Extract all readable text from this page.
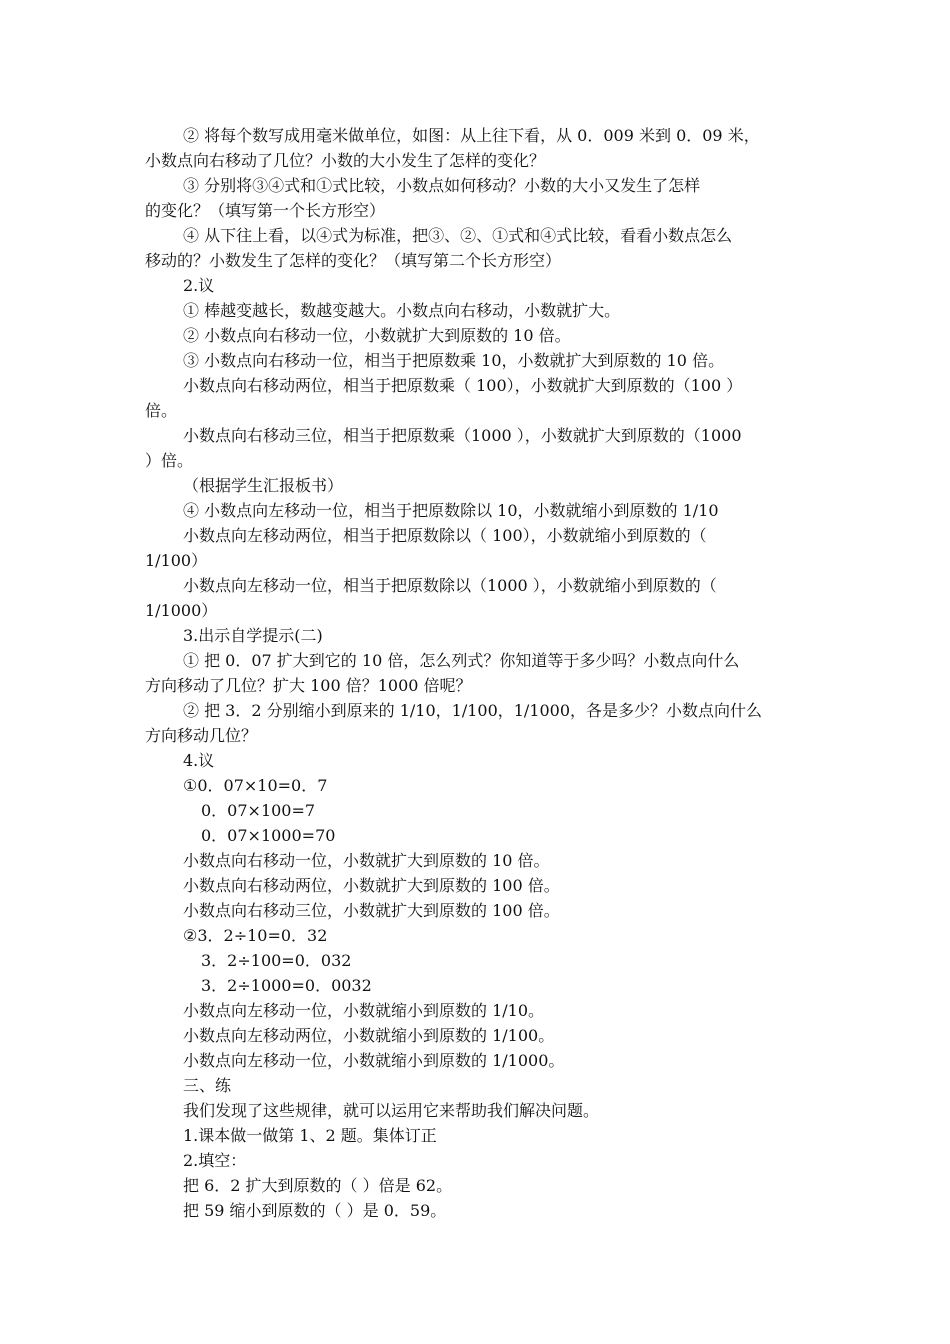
② 将每个数写成用毫米做单位，如图：从上往下看，从 0．009 米到 0．09 米，
小数点向右移动了几位？小数的大小发生了怎样的变化？
③ 分别将③④式和①式比较，小数点如何移动？小数的大小又发生了怎样
的变化？（填写第一个长方形空）
④ 从下往上看，以④式为标准，把③、②、①式和④式比较，看看小数点怎么
移动的？小数发生了怎样的变化？（填写第二个长方形空）
2.议
① 棒越变越长，数越变越大。小数点向右移动，小数就扩大。
② 小数点向右移动一位，小数就扩大到原数的 10 倍。
③ 小数点向右移动一位，相当于把原数乘 10，小数就扩大到原数的 10 倍。
小数点向右移动两位，相当于把原数乘（ 100），小数就扩大到原数的（100 ）
倍。
小数点向右移动三位，相当于把原数乘（1000 ），小数就扩大到原数的（1000
）倍。
（根据学生汇报板书）
④ 小数点向左移动一位，相当于把原数除以 10，小数就缩小到原数的 1/10
小数点向左移动两位，相当于把原数除以（ 100），小数就缩小到原数的（
1/100）
小数点向左移动一位，相当于把原数除以（1000 ），小数就缩小到原数的（
1/1000）
3.出示自学提示(二)
① 把 0．07 扩大到它的 10 倍，怎么列式？你知道等于多少吗？小数点向什么
方向移动了几位？扩大 100 倍？1000 倍呢？
② 把 3．2 分别缩小到原来的 1/10，1/100，1/1000，各是多少？小数点向什么
方向移动几位？
4.议
①0．07×10=0．7
0．07×100=7
0．07×1000=70
小数点向右移动一位，小数就扩大到原数的 10 倍。
小数点向右移动两位，小数就扩大到原数的 100 倍。
小数点向右移动三位，小数就扩大到原数的 100 倍。
②3．2÷10=0．32
3．2÷100=0．032
3．2÷1000=0．0032
小数点向左移动一位，小数就缩小到原数的 1/10。
小数点向左移动两位，小数就缩小到原数的 1/100。
小数点向左移动一位，小数就缩小到原数的 1/1000。
三、练
我们发现了这些规律，就可以运用它来帮助我们解决问题。
1.课本做一做第 1、2 题。集体订正
2.填空：
把 6．2 扩大到原数的（ ）倍是 62。
把 59 缩小到原数的（ ）是 0．59。
